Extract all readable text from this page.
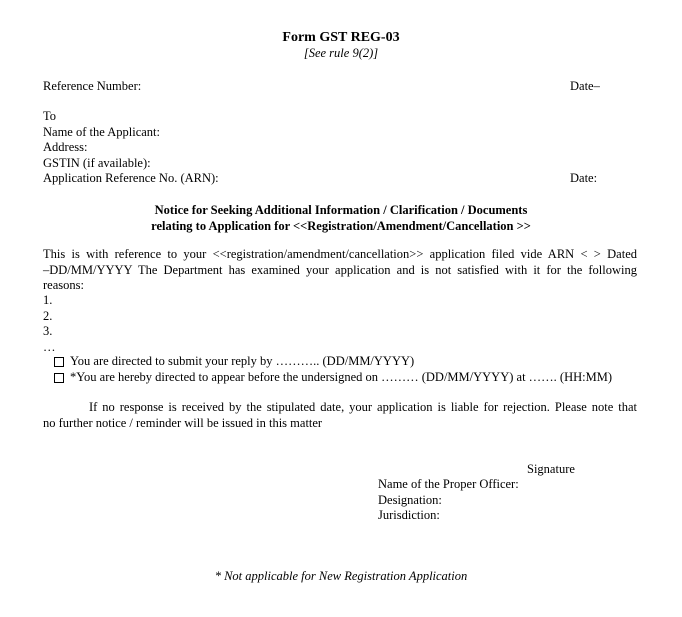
Form GST REG-03
[See rule 9(2)]
Reference Number:	Date–
To
Name of the Applicant:
Address:
GSTIN (if available):
Application Reference No. (ARN):	Date:
Notice for Seeking Additional Information / Clarification / Documents
relating to Application for <<Registration/Amendment/Cancellation >>
This is with reference to your <<registration/amendment/cancellation>> application filed vide ARN < > Dated
–DD/MM/YYYY The Department has examined your application and is not satisfied with it for the following
reasons:
1.
2.
3.
…
You are directed to submit your reply by ……….. (DD/MM/YYYY)
*You are hereby directed to appear before the undersigned on ……… (DD/MM/YYYY) at ……. (HH:MM)
If no response is received by the stipulated date, your application is liable for rejection. Please note that
no further notice / reminder will be issued in this matter
Signature
Name of the Proper Officer:
Designation:
Jurisdiction:
* Not applicable for New Registration Application
